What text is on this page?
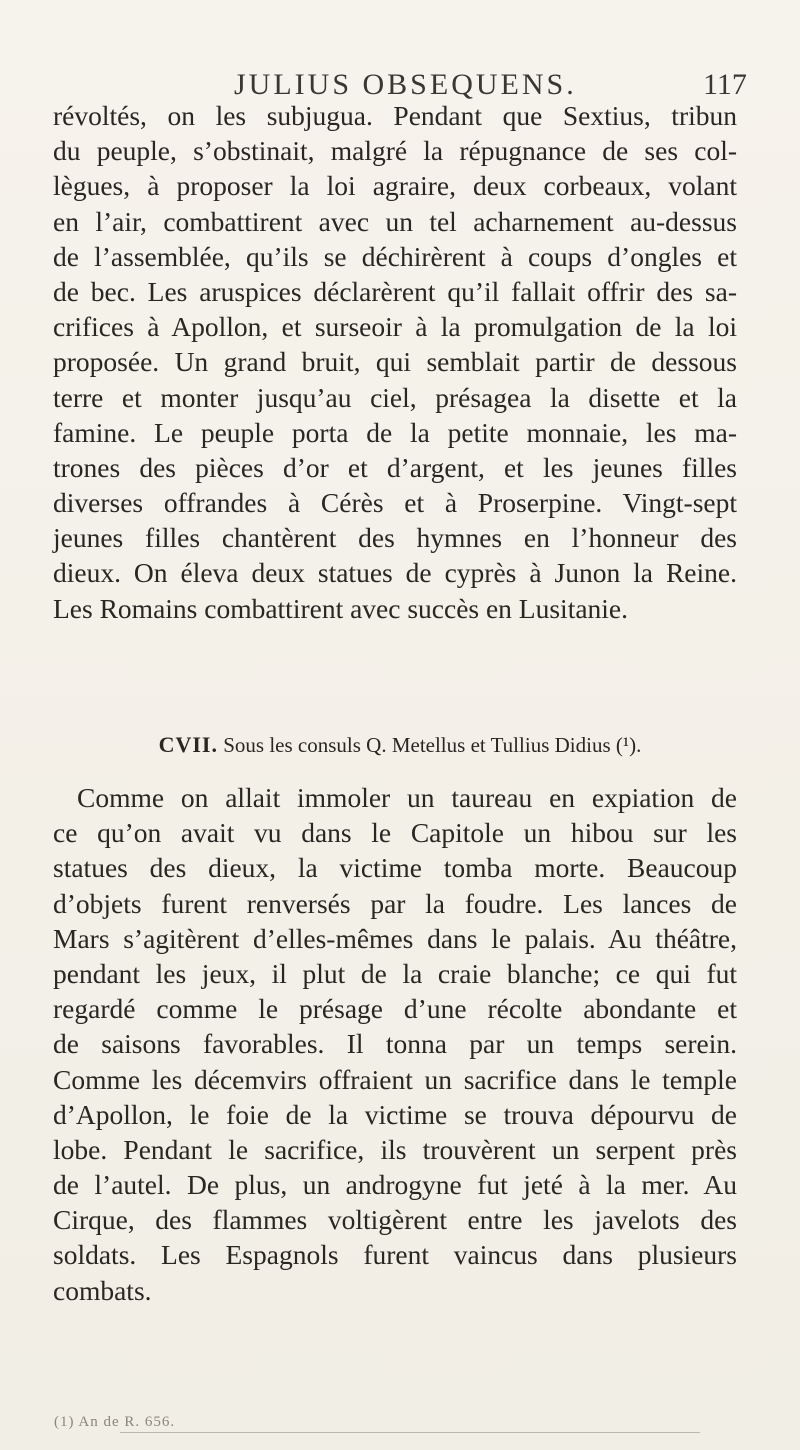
JULIUS OBSEQUENS.	117
révoltés, on les subjugua. Pendant que Sextius, tribun
du peuple, s’obstinait, malgré la répugnance de ses col-
lègues, à proposer la loi agraire, deux corbeaux, volant
en l’air, combattirent avec un tel acharnement au-dessus
de l’assemblée, qu’ils se déchirèrent à coups d’ongles et
de bec. Les aruspices déclarèrent qu’il fallait offrir des sa-
crifices à Apollon, et surseoir à la promulgation de la loi
proposée. Un grand bruit, qui semblait partir de dessous
terre et monter jusqu’au ciel, présagea la disette et la
famine. Le peuple porta de la petite monnaie, les ma-
trones des pièces d’or et d’argent, et les jeunes filles
diverses offrandes à Cérès et à Proserpine. Vingt-sept
jeunes filles chantèrent des hymnes en l’honneur des
dieux. On éleva deux statues de cyprès à Junon la Reine.
Les Romains combattirent avec succès en Lusitanie.
CVII. Sous les consuls Q. Metellus et Tullius Didius (¹).
Comme on allait immoler un taureau en expiation de
ce qu’on avait vu dans le Capitole un hibou sur les
statues des dieux, la victime tomba morte. Beaucoup
d’objets furent renversés par la foudre. Les lances de
Mars s’agitèrent d’elles-mêmes dans le palais. Au théâtre,
pendant les jeux, il plut de la craie blanche; ce qui fut
regardé comme le présage d’une récolte abondante et
de saisons favorables. Il tonna par un temps serein.
Comme les décemvirs offraient un sacrifice dans le temple
d’Apollon, le foie de la victime se trouva dépourvu de
lobe. Pendant le sacrifice, ils trouvèrent un serpent près
de l’autel. De plus, un androgyne fut jeté à la mer. Au
Cirque, des flammes voltigèrent entre les javelots des
soldats. Les Espagnols furent vaincus dans plusieurs
combats.
(1) An de R. 656.
